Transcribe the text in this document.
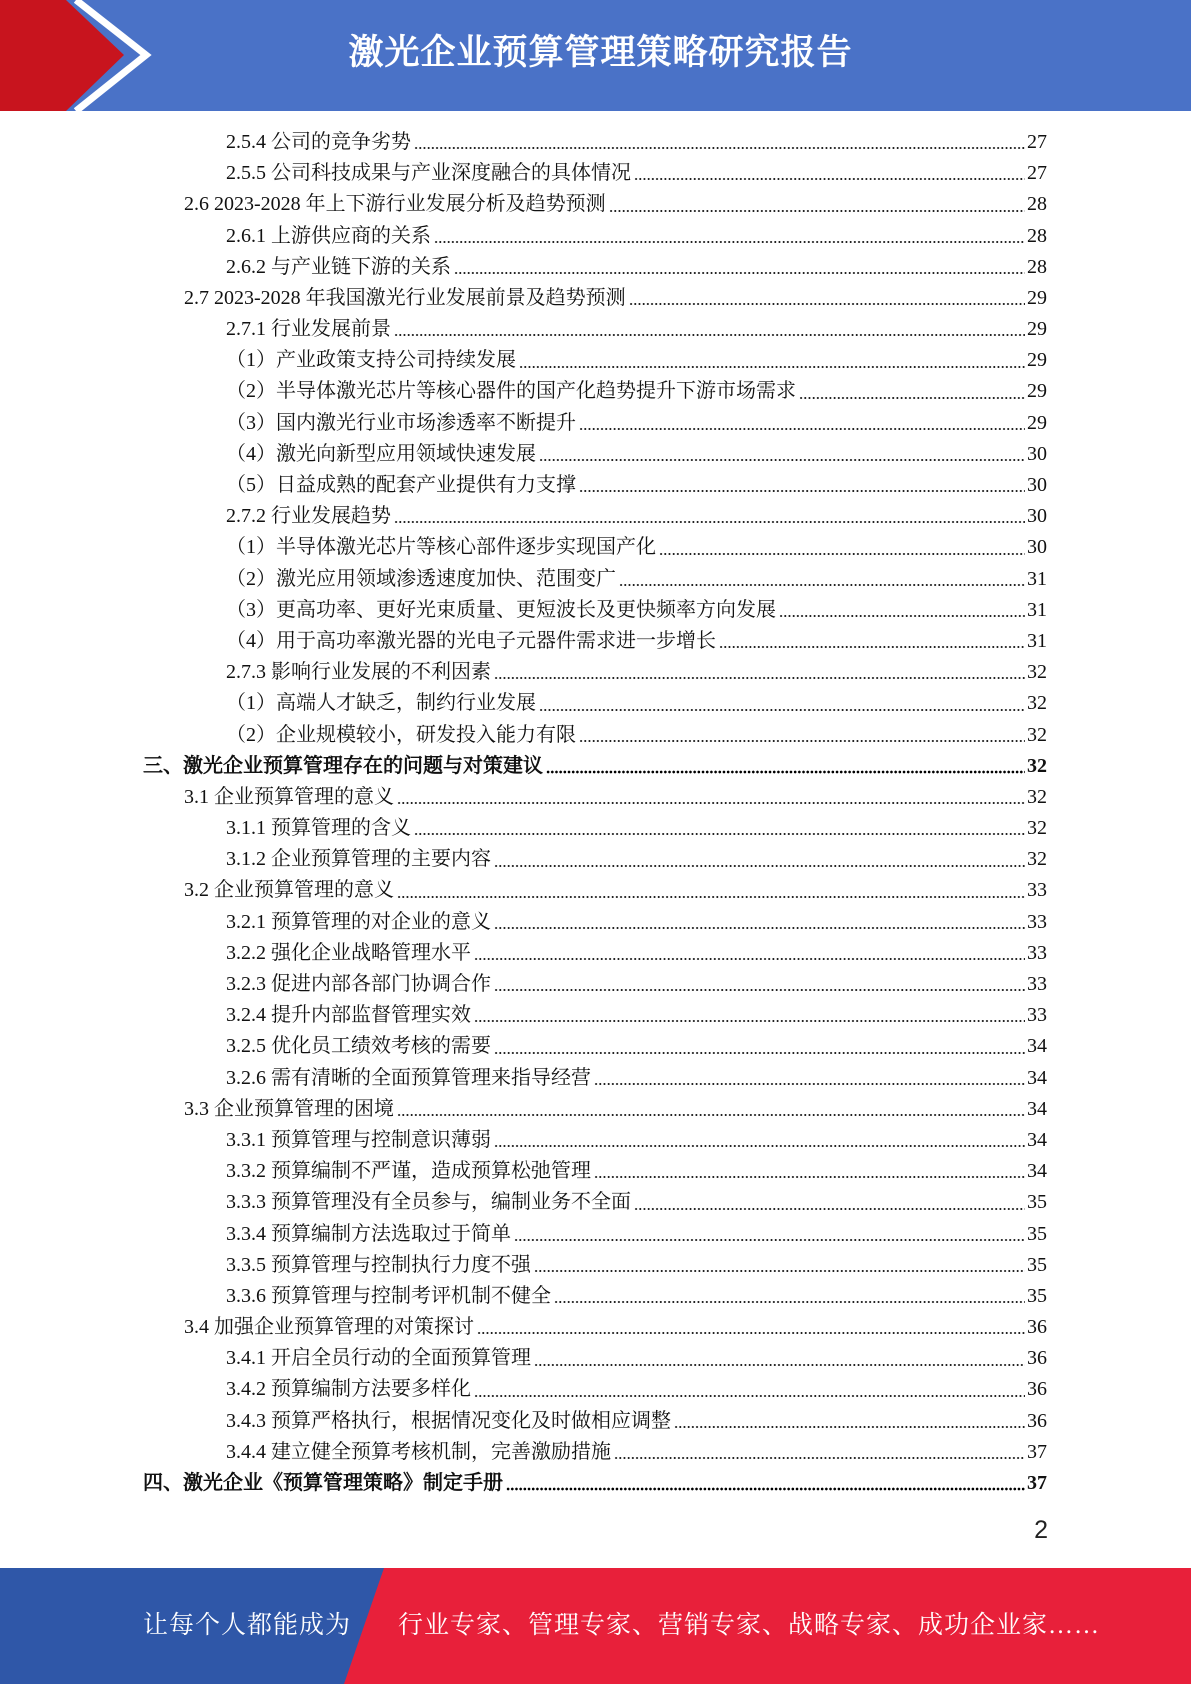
激光企业预算管理策略研究报告
2.5.4 公司的竞争劣势	27
2.5.5 公司科技成果与产业深度融合的具体情况	27
2.6 2023-2028 年上下游行业发展分析及趋势预测	28
2.6.1 上游供应商的关系	28
2.6.2 与产业链下游的关系	28
2.7 2023-2028 年我国激光行业发展前景及趋势预测	29
2.7.1 行业发展前景	29
（1）产业政策支持公司持续发展	29
（2）半导体激光芯片等核心器件的国产化趋势提升下游市场需求	29
（3）国内激光行业市场渗透率不断提升	29
（4）激光向新型应用领域快速发展	30
（5）日益成熟的配套产业提供有力支撑	30
2.7.2 行业发展趋势	30
（1）半导体激光芯片等核心部件逐步实现国产化	30
（2）激光应用领域渗透速度加快、范围变广	31
（3）更高功率、更好光束质量、更短波长及更快频率方向发展	31
（4）用于高功率激光器的光电子元器件需求进一步增长	31
2.7.3 影响行业发展的不利因素	32
（1）高端人才缺乏，制约行业发展	32
（2）企业规模较小，研发投入能力有限	32
三、激光企业预算管理存在的问题与对策建议	32
3.1 企业预算管理的意义	32
3.1.1 预算管理的含义	32
3.1.2 企业预算管理的主要内容	32
3.2 企业预算管理的意义	33
3.2.1 预算管理的对企业的意义	33
3.2.2 强化企业战略管理水平	33
3.2.3 促进内部各部门协调合作	33
3.2.4 提升内部监督管理实效	33
3.2.5 优化员工绩效考核的需要	34
3.2.6 需有清晰的全面预算管理来指导经营	34
3.3 企业预算管理的困境	34
3.3.1 预算管理与控制意识薄弱	34
3.3.2 预算编制不严谨，造成预算松弛管理	34
3.3.3 预算管理没有全员参与，编制业务不全面	35
3.3.4 预算编制方法选取过于简单	35
3.3.5 预算管理与控制执行力度不强	35
3.3.6 预算管理与控制考评机制不健全	35
3.4 加强企业预算管理的对策探讨	36
3.4.1 开启全员行动的全面预算管理	36
3.4.2 预算编制方法要多样化	36
3.4.3 预算严格执行，根据情况变化及时做相应调整	36
3.4.4 建立健全预算考核机制，完善激励措施	37
四、激光企业《预算管理策略》制定手册	37
2
让每个人都能成为 行业专家、管理专家、营销专家、战略专家、成功企业家……
